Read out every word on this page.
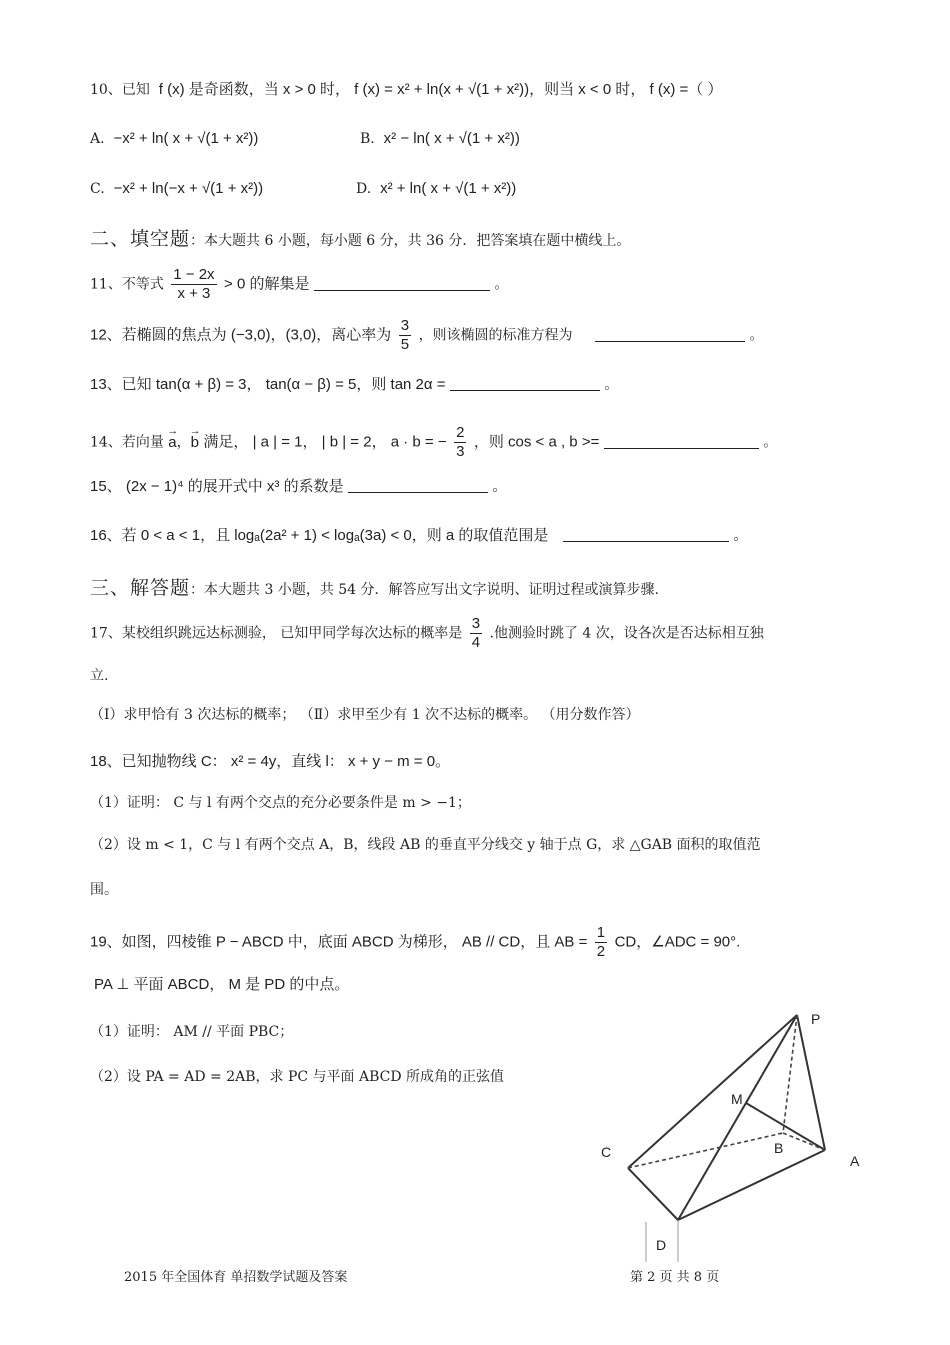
10、已知 f (x) 是奇函数，当 x > 0 时， f (x) = x² + ln(x + √(1 + x²))，则当 x < 0 时， f (x) =（ ）
A. −x² + ln( x + √(1 + x²))	B. x² − ln( x + √(1 + x²))
C. −x² + ln(−x + √(1 + x²))	D. x² + ln( x + √(1 + x²))
二、填空题：本大题共 6 小题，每小题 6 分，共 36 分．把答案填在题中横线上。
11、不等式 $\frac{1 - 2x}{x + 3} > 0$ 的解集是	。
12、若椭圆的焦点为 (−3,0)，(3,0)，离心率为 $\frac{3}{5}$ ，则该椭圆的标准方程为	。
13、已知 tan(α + β) = 3， tan(α − β) = 5，则 tan 2α =	。
14、若向量 → a，→ b 满足， | a | = 1， | b | = 2， a · b = − $\frac{2}{3}$ ，则 cos < a , b >=	。
15、 (2x − 1)⁴ 的展开式中 x³ 的系数是	。
16、若 0 < a < 1，且 logₐ(2a² + 1) < logₐ(3a) < 0，则 a 的取值范围是	。
三、解答题：本大题共 3 小题，共 54 分．解答应写出文字说明、证明过程或演算步骤.
17、某校组织跳远达标测验， 已知甲同学每次达标的概率是 $\frac{3}{4}$ .他测验时跳了 4 次，设各次是否达标相互独
立.
（Ⅰ）求甲恰有 3 次达标的概率； （Ⅱ）求甲至少有 1 次不达标的概率。 （用分数作答）
18、已知抛物线 C： x² = 4y，直线 l： x + y − m = 0。
（1）证明： C 与 l 有两个交点的充分必要条件是 m > −1；
（2）设 m < 1，C 与 l 有两个交点 A，B，线段 AB 的垂直平分线交 y 轴于点 G，求 △GAB 面积的取值范
围。
19、如图，四棱锥 P − ABCD 中，底面 ABCD 为梯形， AB // CD，且 AB = $\frac{1}{2}$ CD，∠ADC = 90°.
PA ⊥ 平面 ABCD， M 是 PD 的中点。
（1）证明： AM // 平面 PBC；
（2）设 PA = AD = 2AB，求 PC 与平面 ABCD 所成角的正弦值
P
M
B
C
A
D
2015 年全国体育 单招数学试题及答案	第 2 页 共 8 页
